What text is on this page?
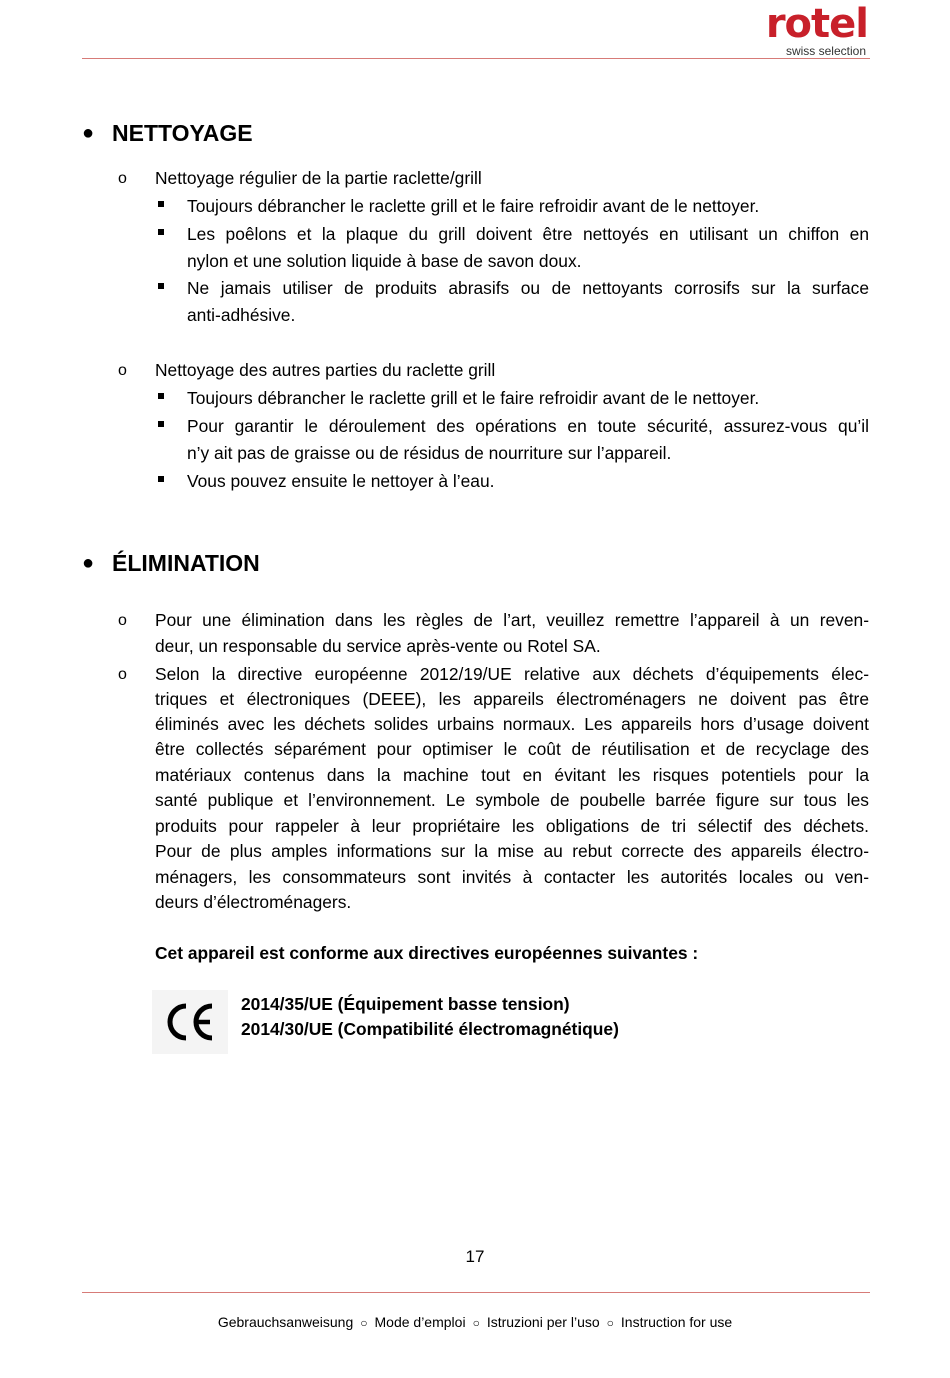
rotel
swiss selection
● NETTOYAGE
o Nettoyage régulier de la partie raclette/grill
Toujours débrancher le raclette grill et le faire refroidir avant de le nettoyer.
Les poêlons et la plaque du grill doivent être nettoyés en utilisant un chiffon en
nylon et une solution liquide à base de savon doux.
Ne jamais utiliser de produits abrasifs ou de nettoyants corrosifs sur la surface
anti-adhésive.
o Nettoyage des autres parties du raclette grill
Toujours débrancher le raclette grill et le faire refroidir avant de le nettoyer.
Pour garantir le déroulement des opérations en toute sécurité, assurez-vous qu’il
n’y ait pas de graisse ou de résidus de nourriture sur l’appareil.
Vous pouvez ensuite le nettoyer à l’eau.
● ÉLIMINATION
o Pour une élimination dans les règles de l’art, veuillez remettre l’appareil à un reven-
deur, un responsable du service après-vente ou Rotel SA.
o Selon la directive européenne 2012/19/UE relative aux déchets d’équipements élec-
triques et électroniques (DEEE), les appareils électroménagers ne doivent pas être
éliminés avec les déchets solides urbains normaux. Les appareils hors d’usage doivent
être collectés séparément pour optimiser le coût de réutilisation et de recyclage des
matériaux contenus dans la machine tout en évitant les risques potentiels pour la
santé publique et l’environnement. Le symbole de poubelle barrée figure sur tous les
produits pour rappeler à leur propriétaire les obligations de tri sélectif des déchets.
Pour de plus amples informations sur la mise au rebut correcte des appareils électro-
ménagers, les consommateurs sont invités à contacter les autorités locales ou ven-
deurs d’électroménagers.
Cet appareil est conforme aux directives européennes suivantes :
2014/35/UE (Équipement basse tension)
2014/30/UE (Compatibilité électromagnétique)
17
Gebrauchsanweisung ○ Mode d’emploi ○ Istruzioni per l’uso ○ Instruction for use
